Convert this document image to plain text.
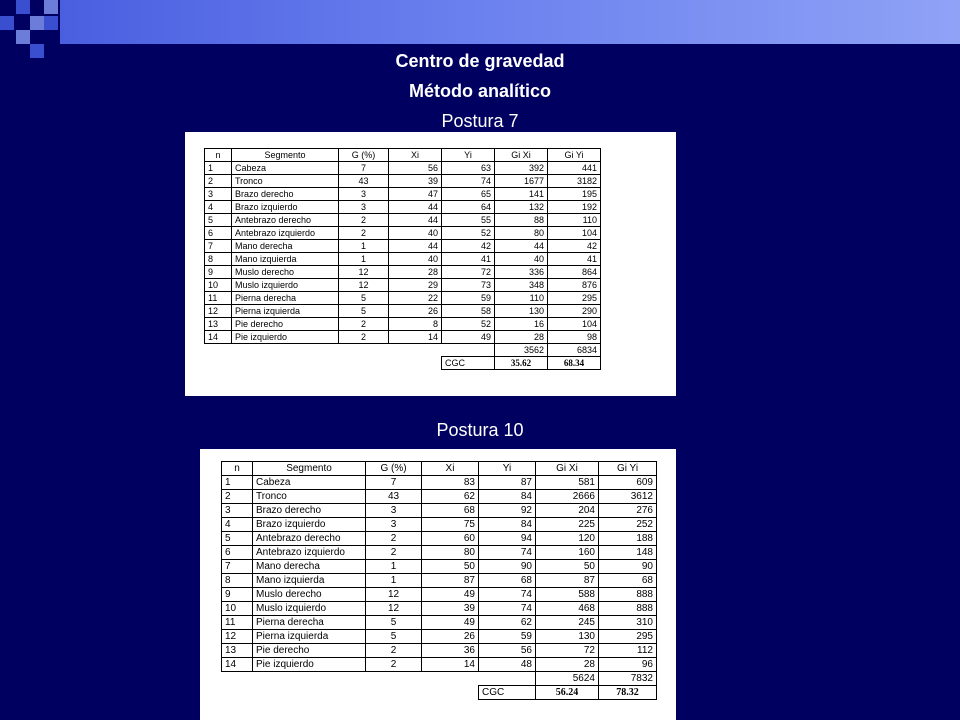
Centro de gravedad
Método analítico
Postura 7
n	Segmento	G (%)	Xi	Yi	Gi Xi	Gi Yi
1	Cabeza	7	56	63	392	441
2	Tronco	43	39	74	1677	3182
3	Brazo derecho	3	47	65	141	195
4	Brazo izquierdo	3	44	64	132	192
5	Antebrazo derecho	2	44	55	88	110
6	Antebrazo izquierdo	2	40	52	80	104
7	Mano derecha	1	44	42	44	42
8	Mano izquierda	1	40	41	40	41
9	Muslo derecho	12	28	72	336	864
10	Muslo izquierdo	12	29	73	348	876
11	Pierna derecha	5	22	59	110	295
12	Pierna izquierda	5	26	58	130	290
13	Pie derecho	2	8	52	16	104
14	Pie izquierdo	2	14	49	28	98
					3562	6834
				CGC	35.62	68.34
Postura 10
n	Segmento	G (%)	Xi	Yi	Gi Xi	Gi Yi
1	Cabeza	7	83	87	581	609
2	Tronco	43	62	84	2666	3612
3	Brazo derecho	3	68	92	204	276
4	Brazo izquierdo	3	75	84	225	252
5	Antebrazo derecho	2	60	94	120	188
6	Antebrazo izquierdo	2	80	74	160	148
7	Mano derecha	1	50	90	50	90
8	Mano izquierda	1	87	68	87	68
9	Muslo derecho	12	49	74	588	888
10	Muslo izquierdo	12	39	74	468	888
11	Pierna derecha	5	49	62	245	310
12	Pierna izquierda	5	26	59	130	295
13	Pie derecho	2	36	56	72	112
14	Pie izquierdo	2	14	48	28	96
					5624	7832
				CGC	56.24	78.32
